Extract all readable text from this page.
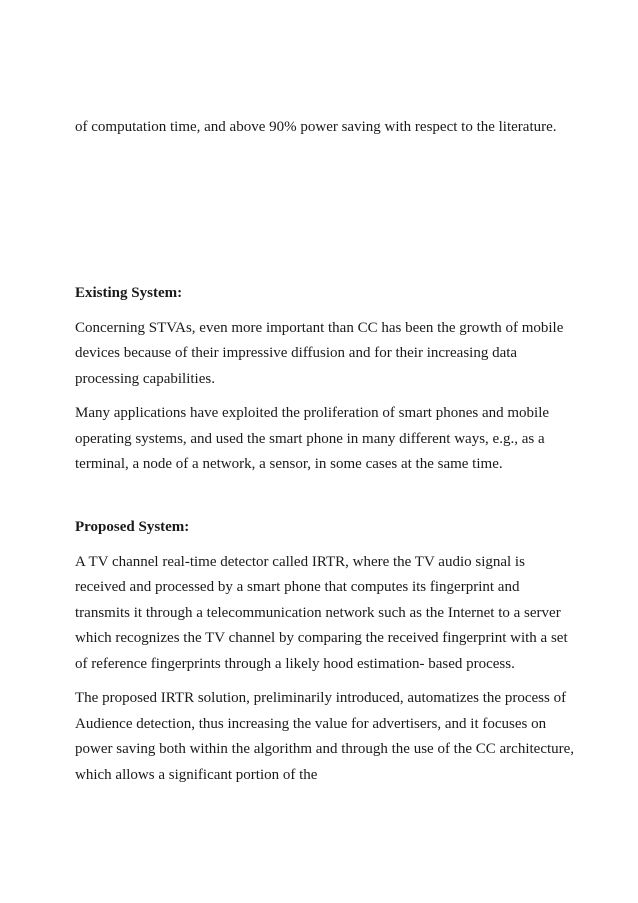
of computation time, and above 90% power saving with respect to the literature.

Existing System:

Concerning STVAs, even more important than CC has been the growth of mobile devices because of their impressive diffusion and for their increasing data processing capabilities.

Many applications have exploited the proliferation of smart phones and mobile operating systems, and used the smart phone in many different ways, e.g., as a terminal, a node of a network, a sensor, in some cases at the same time.

Proposed System:

A TV channel real-time detector called IRTR, where the TV audio signal is received and processed by a smart phone that computes its fingerprint and transmits it through a telecommunication network such as the Internet to a server which recognizes the TV channel by comparing the received fingerprint with a set of reference fingerprints through a likely hood estimation- based process.

The proposed IRTR solution, preliminarily introduced, automatizes the process of Audience detection, thus increasing the value for advertisers, and it focuses on power saving both within the algorithm and through the use of the CC architecture, which allows a significant portion of the
